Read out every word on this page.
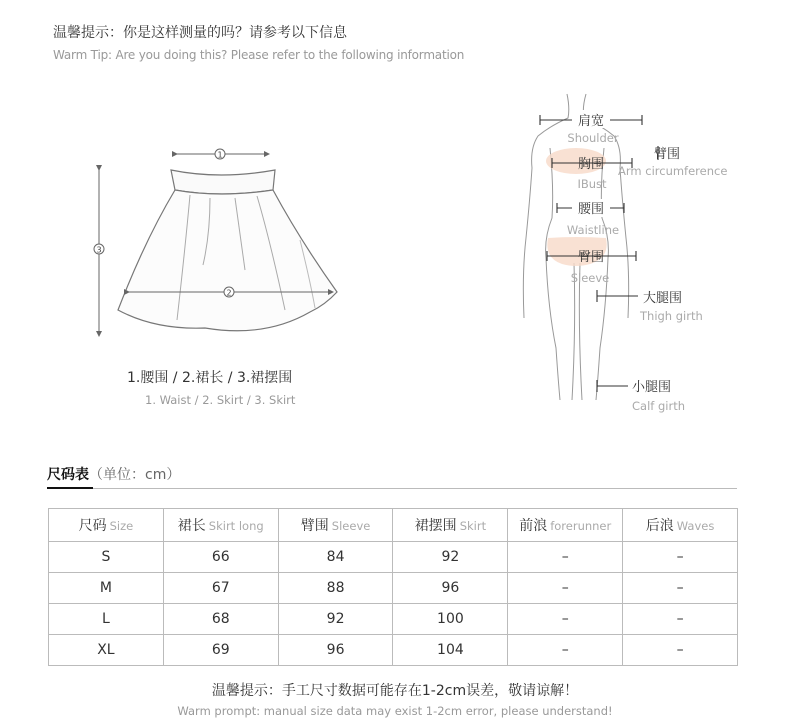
温馨提示：你是这样测量的吗？请参考以下信息
Warm Tip: Are you doing this? Please refer to the following information
1
2
3
1.腰围 / 2.裙长 / 3.裙摆围
1. Waist / 2. Skirt / 3. Skirt
肩宽
Shoulder
臂围
Arm circumference
胸围
IBust
腰围
Waistline
臀围
Sleeve
大腿围
Thigh girth
小腿围
Calf girth
尺码表（单位：cm）
尺码 Size	裙长 Skirt long	臂围 Sleeve	裙摆围 Skirt	前浪 forerunner	后浪 Waves
S	66	84	92	–	–
M	67	88	96	–	–
L	68	92	100	–	–
XL	69	96	104	–	–
温馨提示：手工尺寸数据可能存在1-2cm误差，敬请谅解！
Warm prompt: manual size data may exist 1-2cm error, please understand!
